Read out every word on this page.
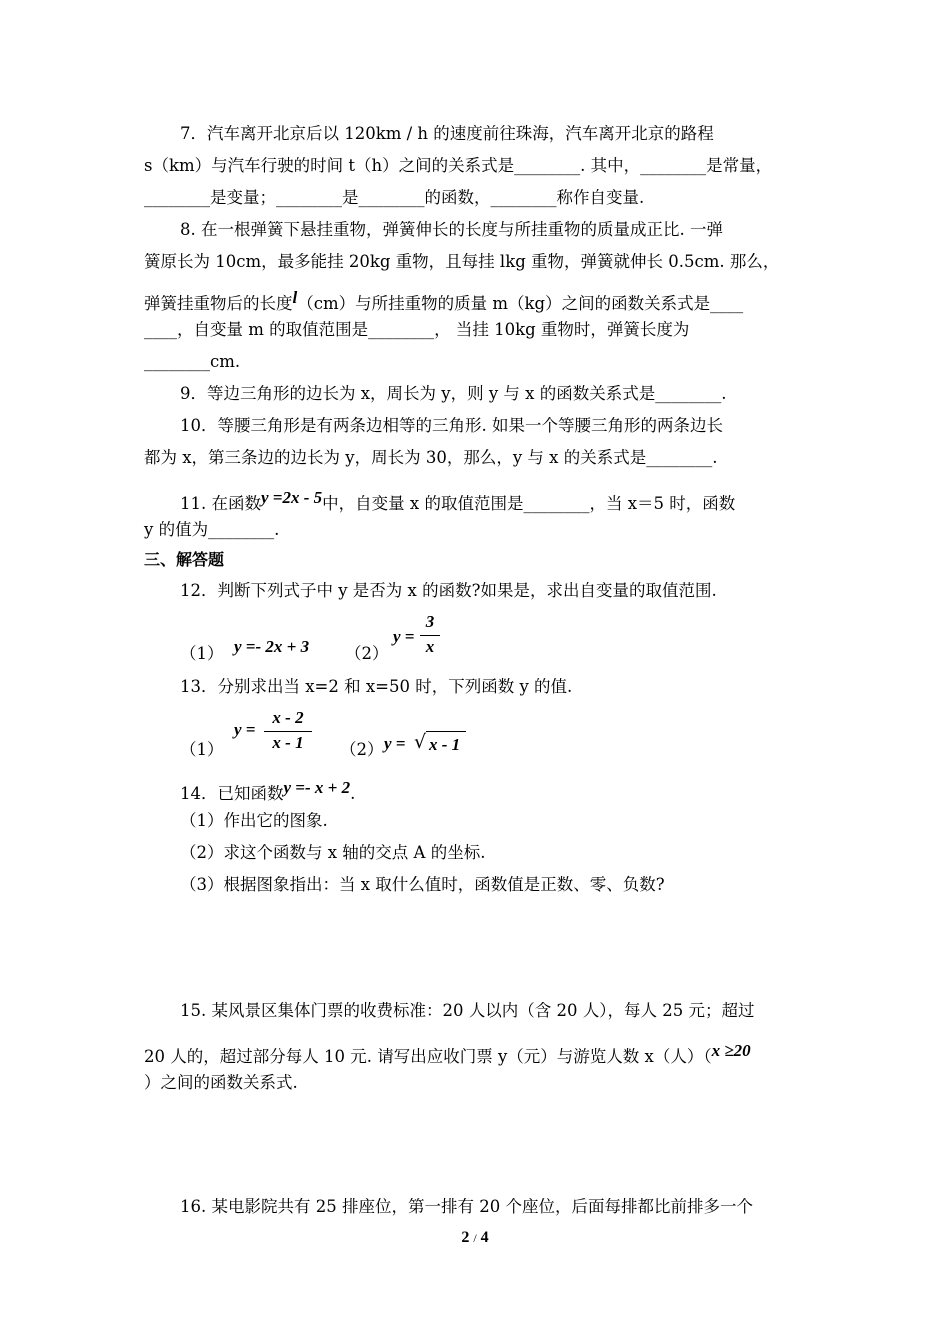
7．汽车离开北京后以 120km / h 的速度前往珠海，汽车离开北京的路程
s（km）与汽车行驶的时间 t（h）之间的关系式是________. 其中，________是常量，
________是变量；________是________的函数，________称作自变量.
8. 在一根弹簧下悬挂重物，弹簧伸长的长度与所挂重物的质量成正比. 一弹
簧原长为 10cm，最多能挂 20kg 重物，且每挂 lkg 重物，弹簧就伸长 0.5cm. 那么，
弹簧挂重物后的长度l（cm）与所挂重物的质量 m（kg）之间的函数关系式是____
____，自变量 m 的取值范围是________， 当挂 10kg 重物时，弹簧长度为
________cm.
9．等边三角形的边长为 x，周长为 y，则 y 与 x 的函数关系式是________.
10．等腰三角形是有两条边相等的三角形. 如果一个等腰三角形的两条边长
都为 x，第三条边的边长为 y，周长为 30，那么，y 与 x 的关系式是________.
11. 在函数y =2x - 5中，自变量 x 的取值范围是________，当 x＝5 时，函数
y 的值为________.
三、解答题
12．判断下列式子中 y 是否为 x 的函数?如果是，求出自变量的取值范围.
（1） y =- 2x + 3 （2）
y =
3
x
13．分别求出当 x=2 和 x=50 时，下列函数 y 的值.
（1）
y =
x - 2
x - 1	（2） y = √ x - 1
14．已知函数y =- x + 2.
（1）作出它的图象.
（2）求这个函数与 x 轴的交点 A 的坐标.
（3）根据图象指出：当 x 取什么值时，函数值是正数、零、负数?
15. 某风景区集体门票的收费标准：20 人以内（含 20 人），每人 25 元；超过
20 人的，超过部分每人 10 元. 请写出应收门票 y（元）与游览人数 x（人）（x ≥20
）之间的函数关系式.
16. 某电影院共有 25 排座位，第一排有 20 个座位，后面每排都比前排多一个
2 / 4
